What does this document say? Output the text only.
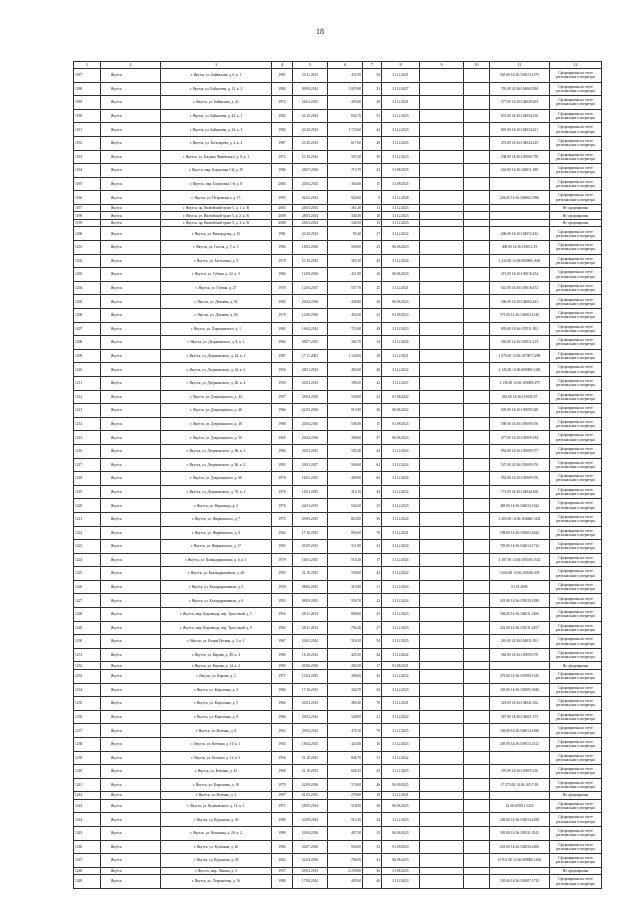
18
1	2	3	4	5	6	7	8	9	10	11	12
1187	Якутск	г. Якутск, ул. Байкалова, д. 6, к. 1	1981	10.11.2015	433.50	54	31.12.2021			565.00 14:36:103013:1475	Сформирован на счете регионального оператора
1188	Якутск	г. Якутск, ул. Байкалова, д. 12, к. 2	1982	09.09.2014	1 019.90	33	31.12.2027			791.00 14:36:104063:594	Сформирован на счете регионального оператора
1189	Якутск	г. Якутск, ул. Байкалова, д. 41	1974	26.01.2015	493.60	28	31.12.2021			577.00 14:36:104049:293	Сформирован на счете регионального оператора
1190	Якутск	г. Якутск, ул. Байкалова, д. 42, к. 1	1982	23.10.2014	834.70	53	31.12.2023			631.00 14:36:104034:216	Сформирован на счете регионального оператора
1191	Якутск	г. Якутск, ул. Байкалова, д. 42, к. 3	1982	23.10.2014	1 174.60	42	31.12.2023			801.00 14:36:104034:221	Сформирован на счете регионального оператора
1192	Якутск	г. Якутск, ул. Богатырёва, д. 4, к. 2	1987	23.10.2014	617.60	28	31.12.2025			472.00 14:36:104044:225	Сформирован на счете регионального оператора
1193	Якутск	г. Якутск, ул. Богдана Чижевского, д. 8, к. 1	1972	23.10.2014	503.30	30	31.12.2023			238.00 14:36:105006:750	Сформирован на счете регионального оператора
1194	Якутск	г. Якутск, мкр. Борисовка 1-й, д. 19	1996	28.07.2016	715.70	23	31.08.2025			544.00 14:36:104011:188	Сформирован на счете регионального оператора
1195	Якутск	г. Якутск, мкр. Борисовка 1-й, д. 8	2000	20.03.2014	364.60	15	31.08.2025				Сформирован на счете регионального оператора
1196	Якутск	г. Якутск, ул. Петровского, д. 15	1993	02.02.2012	920.60	9	31.12.2028			226.00 14:36:106002:1096	Сформирован на счете регионального оператора
1197	Якутск	г. Якутск, пр. Вилюйский тракт 5, д. 1, к. В	2004	28.03.2014	361.40	11	31.12.2023				Не сформирован
1198	Якутск	г. Якутск, ул. Вилюйский тракт 5, д. 2, к. В	2008	28.03.2014	340.30	10	31.12.2023				Не сформирован
1199	Якутск	г. Якутск, пр. Вилюйский тракт 5, д. 3, к. В	2008	28.03.2014	340.50	15	31.12.2023				Не сформирован
1200	Якутск	г. Якутск, ул. Винокурова, д. 15	1981	23.10.2014	95.20	17	31.12.2022			206.00 14:36:104072:432	Сформирован на счете регионального оператора
1201	Якутск	г. Якутск, ул. Гоголя, д. 7, к. 1	1984	18.03.2016	500.00	23	06.06.2023			408.00 14:36:103012:19	Сформирован на счете регионального оператора
1202	Якутск	г. Якутск, ул. Бастыгина, д. 5	1979	23.10.2015	365.30	29	31.12.2024			2 332.00 14:36:000000:1636	Сформирован на счете регионального оператора
1203	Якутск	г. Якутск, ул. Губина, д. 22, к. 3	1984	14.09.2016	411.90	16	06.06.2023			471.00 14:36:103016:254	Сформирован на счете регионального оператора
1204	Якутск	г. Якутск, ул. Губина, д. 27	1976	12.04.2017	537.70	25	31.12.2021			541.00 14:36:103016:472	Сформирован на счете регионального оператора
1205	Якутск	г. Якутск, ул. Дежнева, д. 82	1985	20.04.2016	436.80	16	06.06.2023			306.00 14:36:104063:441	Сформирован на счете регионального оператора
1206	Якутск	г. Якутск, ул. Дежнева, д. 84	1978	12.08.2016	450.20	22	01.09.2023			575.00 14:36:104063:1146	Сформирован на счете регионального оператора
1207	Якутск	г. Якутск, ул. Дзержинского, д. 1	1965	16.04.2014	715.00	49	31.12.2023			805.00 14:36:107011:182	Сформирован на счете регионального оператора
1208	Якутск	г. Якутск, ул. Дзержинского, д. 8, к. 1	1984	08.07.2015	304.70	14	31.12.2024			302.00 14:36:103011:215	Сформирован на счете регионального оператора
1209	Якутск	г. Якутск, ул. Дзержинского, д. 24, к. 1	1987	17.11.2003	1 144.00	18	31.12.2021			1 070.00 14:36:107007:3298	Сформирован на счете регионального оператора
1210	Якутск	г. Якутск, ул. Дзержинского, д. 34, к. 2	1956	28.01.2014	494.60	29	31.12.2022			2 145.00 14:36:000000:1436	Сформирован на счете регионального оператора
1211	Якутск	г. Якутск, ул. Дзержинского, д. 40, к. 4	1959	20.03.2014	396.50	42	31.12.2027			2 156.00 14:36:105008:479	Сформирован на счете регионального оператора
1212	Якутск	г. Якутск, ул. Дзержинского, д. 44	1957	28.04.2016	530.60	32	01.08.2022			363.00 14:36:101002:97	Сформирован на счете регионального оператора
1213	Якутск	г. Якутск, ул. Дзержинского, д. 46	1966	22.03.2016	513.90	36	06.06.2022			505.00 14:36:105009:328	Сформирован на счете регионального оператора
1214	Якутск	г. Якутск, ул. Дзержинского, д. 48	1968	20.04.2016	548.50	15	01.08.2023			590.00 14:36:105009:156	Сформирован на счете регионального оператора
1215	Якутск	г. Якутск, ул. Дзержинского, д. 50	1965	20.04.2016	398.00	37	06.06.2023			477.00 14:36:105009:182	Сформирован на счете регионального оператора
1216	Якутск	г. Якутск, ул. Дзержинского, д. 86, к. 1	1982	30.03.2015	505.20	42	31.12.2024			952.00 14:36:105009:377	Сформирован на счете регионального оператора
1217	Якутск	г. Якутск, ул. Дзержинского, д. 86, к. 2	1993	29.01.2017	906.60	64	31.12.2024			547.00 14:36:105009:376	Сформирован на счете регионального оператора
1218	Якутск	г. Якутск, ул. Дзержинского, д. 66	1976	16.03.2015	400.00	62	31.12.2024			952.00 14:36:105009:376	Сформирован на счете регионального оператора
1219	Якутск	г. Якутск, ул. Дзержинского, д. 70, к. 1	1976	16.01.2015	316.10	44	31.12.2022			771.00 14:36:104042:438	Сформирован на счете регионального оператора
1220	Якутск	г. Якутск, ул. Кирзавода, д. 2	1976	24.01.2015	544.50	15	31.12.2023			485.00 14:36:104033:1042	Сформирован на счете регионального оператора
1221	Якутск	г. Якутск, ул. Жирковского, д. 7	1975	29.09.2015	823.00	36	31.12.2024			2 283.00 14:36:104040:1432	Сформирован на счете регионального оператора
1222	Якутск	г. Якутск, ул. Жирковского, д. 8	1962	17.10.2013	856.60	78	31.12.2021			598.00 14:36:103003:2644	Сформирован на счете регионального оператора
1223	Якутск	г. Якутск, ул. Жирковского, д. 17	1965	05.09.2013	511.90	32	31.12.2024			783.00 14:36:104014:1732	Сформирован на счете регионального оператора
1224	Якутск	г. Якутск, ул. Каландаришвили, д. 6, к. 1	1979	16.01.2015	516.20	17	31.12.2024			4 107.00 14:36:105010:1532	Сформирован на счете регионального оператора
1225	Якутск	г. Якутск, ул. Каландаришвили, д. 40	1993	31.10.2013	558.00	42	31.12.2022			3 604.00 14:36:105040:439	Сформирован на счете регионального оператора
1226	Якутск	г. Якутск, ул. Каландаришвили, д. 5	1950	08.06.2015	310.00	11	31.12.2024			01.01.2006	Сформирован на счете регионального оператора
1227	Якутск	г. Якутск, ул. Каландаришвили, д. 6	1953	08.09.2015	950.70	22	31.12.2024			431.00 14:36:105010:1290	Сформирован на счете регионального оператора
1228	Якутск	г. Якутск, мкр. Кирзавода, пер. Трассовый, д. 5	1954	28.11.2014	808.60	25	31.12.2023			506.00 14:36:104011:1466	Сформирован на счете регионального оператора
1229	Якутск	г. Якутск, мкр. Кирзавода, пер. Трассовый, д. 9	1992	28.11.2014	794.20	27	31.12.2023			222.00 14:36:101011:2457	Сформирован на счете регионального оператора
1230	Якутск	г. Якутск, ул. Клары Цеткин, д. 3, к. 1	1967	20.03.2014	516.50	54	31.12.2025			261.00 14:36:104031:391	Сформирован на счете регионального оператора
1231	Якутск	г. Якутск, ул. Кирова, д. 40, к. 4	1980	16.10.2012	425.30	44	31.12.2022			382.00 14:36:105009:378	Сформирован на счете регионального оператора
1232	Якутск	г. Якутск, ул. Кирова, д. 14, к. 2	1990	05.06.2016	282.50	17	01.08.2021				Не сформирован
1233	Якутск	г. Якутск, ул. Кирова, д. 3	1971	13.04.2015	396.60	45	31.12.2022			370.00 14:36:101006:1345	Сформирован на счете регионального оператора
1234	Якутск	г. Якутск, ул. Короленко, д. 3	1984	17.10.2013	334.70	54	31.12.2023			303.00 14:36:103005:3040	Сформирован на счете регионального оператора
1235	Якутск	г. Якутск, ул. Короленко, д. 5	1964	20.03.2014	480.40	70	31.12.2021			323.00 14:36:104041:162	Сформирован на счете регионального оператора
1236	Якутск	г. Якутск, ул. Короленко, д. 8	1984	20.03.2014	528.00	21	31.12.2022			367.00 14:36:104001:373	Сформирован на счете регионального оператора
1237	Якутск	г. Якутск, ул. Котенко, д. 8	1963	29.03.2014	479.10	79	31.12.2025			346.00 14:36:104014:1496	Сформирован на счете регионального оператора
1238	Якутск	г. Якутск, ул. Котенко, д. 10, к. 1	1954	18.04.2014	423.00	10	31.12.2023			285.00 14:36:103013:2312	Сформирован на счете регионального оператора
1239	Якутск	г. Якутск, ул. Котенко, д. 12, к. 1	1956	31.10.2013	846.70	11	31.12.2022				Сформирован на счете регионального оператора
1240	Якутск	г. Якутск, ул. Котенко, д. 43	1968	31.10.2013	604.25	43	31.12.2023			370.00 14:36:103005:216	Сформирован на счете регионального оператора
1241	Якутск	г. Якутск, ул. Короленко, д. 18	1979	22.09.2016	570.00	46	06.09.2025			17 273.00 14:36:105:7:38	Сформирован на счете регионального оператора
1242	Якутск	г. Якутск, ул. Котенко, д. 5	1997	01.03.2015	278.00	18	31.12.2021				Не сформирован
1243	Якутск	г. Якутск, ул. Кулаковского, д. 12, к. 1	1971	28.05.2014	518.00	36	06.06.2025			14:36:105011:1221	Сформирован на счете регионального оператора
1244	Якутск	г. Якутск, ул. Курашова, д. 20	1980	23.08.2014	513.30	34	31.12.2023			240.00 14:36:102034:2458	Сформирован на счете регионального оператора
1245	Якутск	г. Якутск, ул. Кузьмина, д. 26, к. 2	1989	20.04.2016	407.50	15	06.06.2023			303.00 14:36:105011:3541	Сформирован на счете регионального оператора
1246	Якутск	г. Якутск, ул. Кузьмина, д. 26	1982	20.07.2016	934.00	32	01.09.2023			261.00 14:36:102034:2306	Сформирован на счете регионального оператора
1247	Якутск	г. Якутск, ул. Курашова, д. 28	1962	22.04.2016	706.00	41	06.06.2023			10 911.00 14:36:000000:1456	Сформирован на счете регионального оператора
1248	Якутск	г. Якутск, мкр. Ленина, д. 3	1957	29.03.2013	2 259.80	36	31.08.2025				Не сформирован
1249	Якутск	г. Якутск, ул. Лермонтова, д. 16	1980	17.08.2014	405.60	40	31.12.2023			103.00 14:36:103007:1732	Сформирован на счете регионального оператора
